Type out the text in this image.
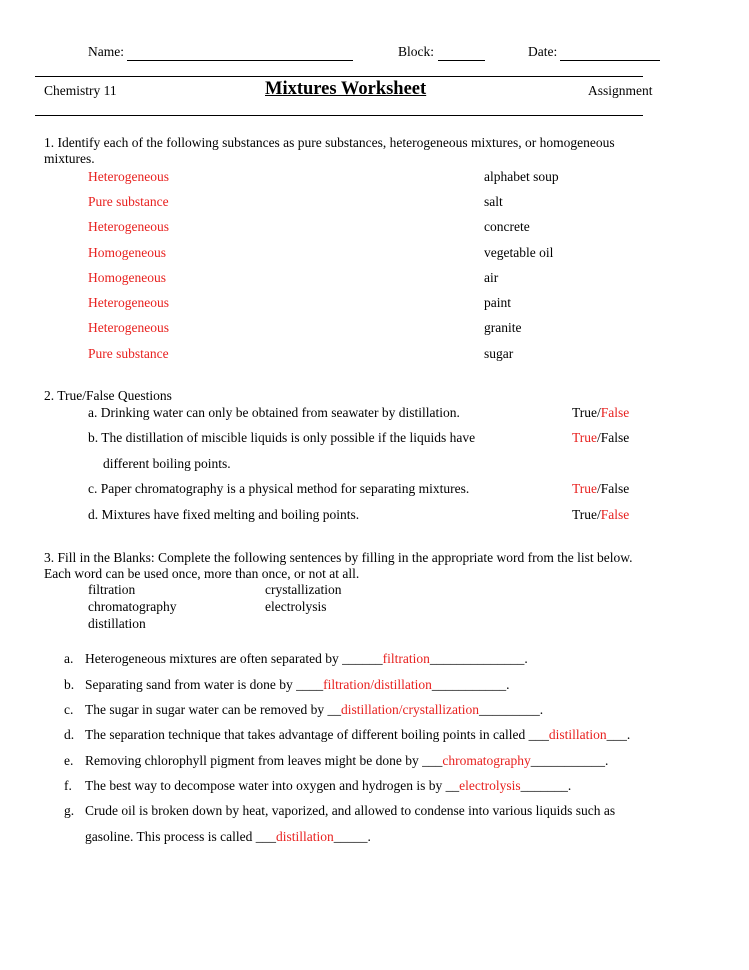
Name:	Block:	Date:
Chemistry 11	Mixtures Worksheet	Assignment
1. Identify each of the following substances as pure substances, heterogeneous mixtures, or homogeneous
mixtures.
Heterogeneous	alphabet soup
Pure substance	salt
Heterogeneous	concrete
Homogeneous	vegetable oil
Homogeneous	air
Heterogeneous	paint
Heterogeneous	granite
Pure substance	sugar
2. True/False Questions
a. Drinking water can only be obtained from seawater by distillation.	True/False
b. The distillation of miscible liquids is only possible if the liquids have
different boiling points.
True/False
c. Paper chromatography is a physical method for separating mixtures.	True/False
d. Mixtures have fixed melting and boiling points.	True/False
3. Fill in the Blanks: Complete the following sentences by filling in the appropriate word from the list below.
Each word can be used once, more than once, or not at all.
filtration
chromatography
distillation
crystallization
electrolysis
a. Heterogeneous mixtures are often separated by ______filtration______________.
b. Separating sand from water is done by ____filtration/distillation___________.
c. The sugar in sugar water can be removed by __distillation/crystallization_________.
d. The separation technique that takes advantage of different boiling points in called ___distillation___.
e. Removing chlorophyll pigment from leaves might be done by ___chromatography___________.
f. The best way to decompose water into oxygen and hydrogen is by __electrolysis_______.
g. Crude oil is broken down by heat, vaporized, and allowed to condense into various liquids such as
gasoline. This process is called ___distillation_____.
